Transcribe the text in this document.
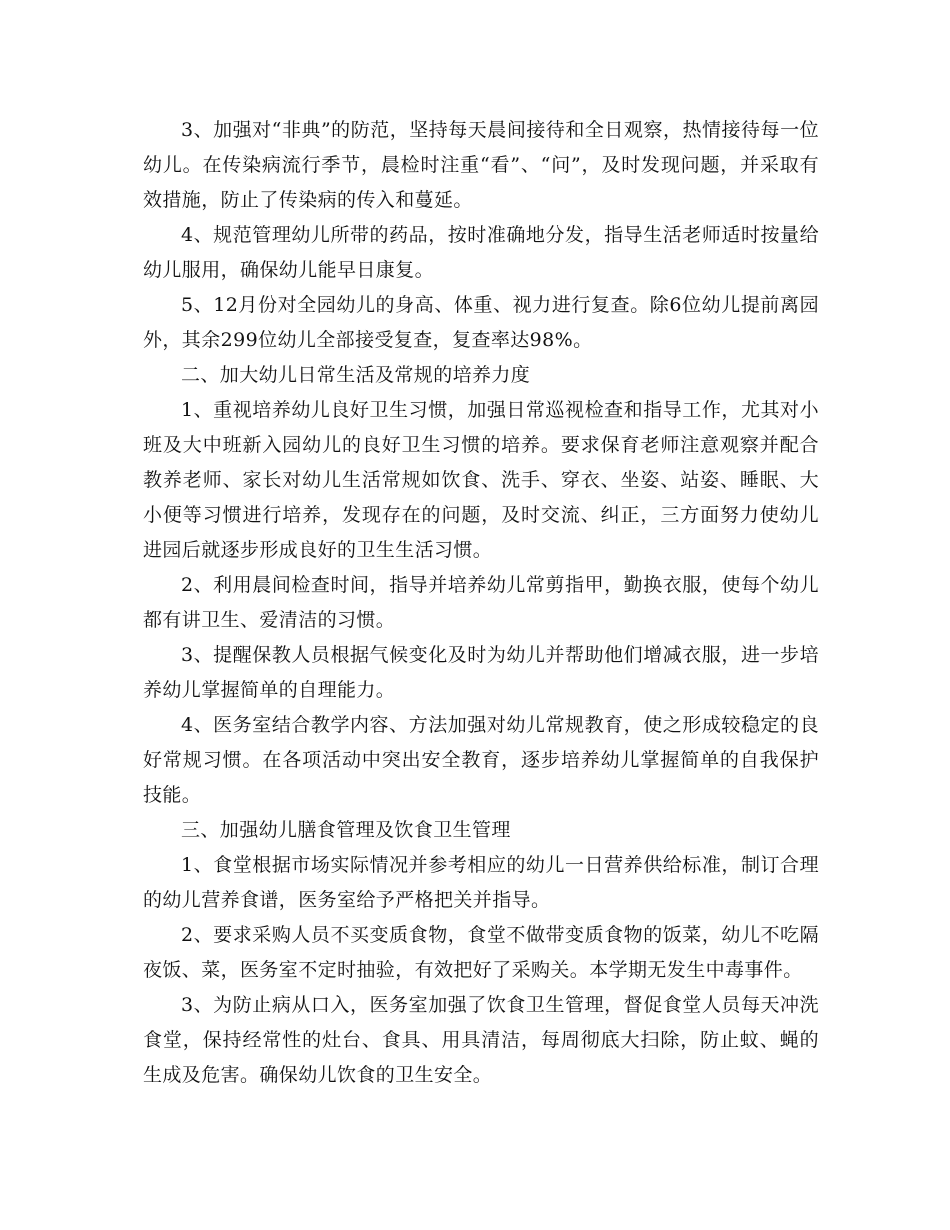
3、加强对“非典”的防范，坚持每天晨间接待和全日观察，热情接待每一位幼儿。在传染病流行季节，晨检时注重“看”、“问”，及时发现问题，并采取有效措施，防止了传染病的传入和蔓延。

4、规范管理幼儿所带的药品，按时准确地分发，指导生活老师适时按量给幼儿服用，确保幼儿能早日康复。

5、12月份对全园幼儿的身高、体重、视力进行复查。除6位幼儿提前离园外，其余299位幼儿全部接受复查，复查率达98%。

二、加大幼儿日常生活及常规的培养力度

1、重视培养幼儿良好卫生习惯，加强日常巡视检查和指导工作，尤其对小班及大中班新入园幼儿的良好卫生习惯的培养。要求保育老师注意观察并配合教养老师、家长对幼儿生活常规如饮食、洗手、穿衣、坐姿、站姿、睡眠、大小便等习惯进行培养，发现存在的问题，及时交流、纠正，三方面努力使幼儿进园后就逐步形成良好的卫生生活习惯。

2、利用晨间检查时间，指导并培养幼儿常剪指甲，勤换衣服，使每个幼儿都有讲卫生、爱清洁的习惯。

3、提醒保教人员根据气候变化及时为幼儿并帮助他们增减衣服，进一步培养幼儿掌握简单的自理能力。

4、医务室结合教学内容、方法加强对幼儿常规教育，使之形成较稳定的良好常规习惯。在各项活动中突出安全教育，逐步培养幼儿掌握简单的自我保护技能。

三、加强幼儿膳食管理及饮食卫生管理

1、食堂根据市场实际情况并参考相应的幼儿一日营养供给标准，制订合理的幼儿营养食谱，医务室给予严格把关并指导。

2、要求采购人员不买变质食物，食堂不做带变质食物的饭菜，幼儿不吃隔夜饭、菜，医务室不定时抽验，有效把好了采购关。本学期无发生中毒事件。

3、为防止病从口入，医务室加强了饮食卫生管理，督促食堂人员每天冲洗食堂，保持经常性的灶台、食具、用具清洁，每周彻底大扫除，防止蚊、蝇的生成及危害。确保幼儿饮食的卫生安全。
